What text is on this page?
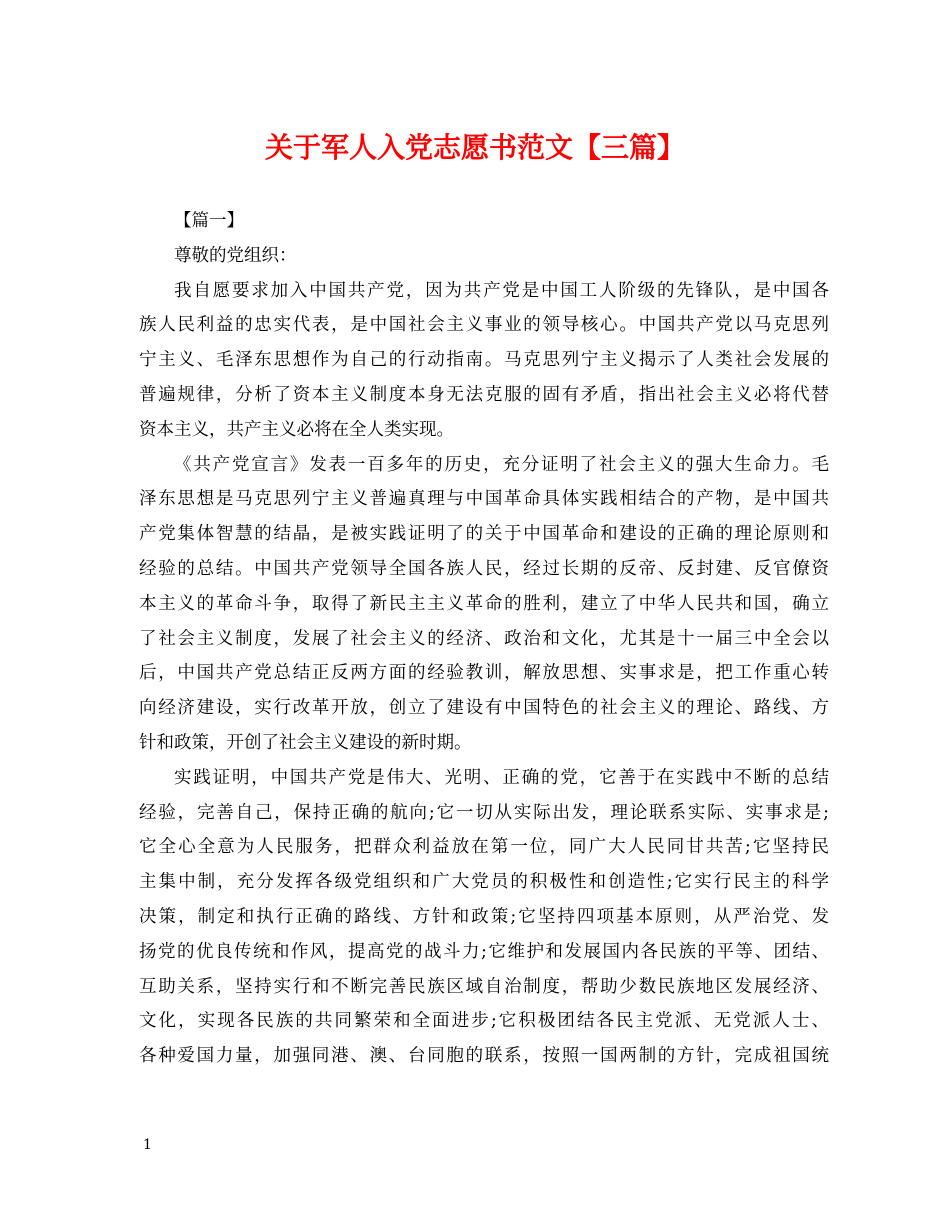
关于军人入党志愿书范文【三篇】
【篇一】
尊敬的党组织：
我自愿要求加入中国共产党，因为共产党是中国工人阶级的先锋队，是中国各
族人民利益的忠实代表，是中国社会主义事业的领导核心。中国共产党以马克思列
宁主义、毛泽东思想作为自己的行动指南。马克思列宁主义揭示了人类社会发展的
普遍规律，分析了资本主义制度本身无法克服的固有矛盾，指出社会主义必将代替
资本主义，共产主义必将在全人类实现。
《共产党宣言》发表一百多年的历史，充分证明了社会主义的强大生命力。毛
泽东思想是马克思列宁主义普遍真理与中国革命具体实践相结合的产物，是中国共
产党集体智慧的结晶，是被实践证明了的关于中国革命和建设的正确的理论原则和
经验的总结。中国共产党领导全国各族人民，经过长期的反帝、反封建、反官僚资
本主义的革命斗争，取得了新民主主义革命的胜利，建立了中华人民共和国，确立
了社会主义制度，发展了社会主义的经济、政治和文化，尤其是十一届三中全会以
后，中国共产党总结正反两方面的经验教训，解放思想、实事求是，把工作重心转
向经济建设，实行改革开放，创立了建设有中国特色的社会主义的理论、路线、方
针和政策，开创了社会主义建设的新时期。
实践证明，中国共产党是伟大、光明、正确的党，它善于在实践中不断的总结
经验，完善自己，保持正确的航向;它一切从实际出发，理论联系实际、实事求是;
它全心全意为人民服务，把群众利益放在第一位，同广大人民同甘共苦;它坚持民
主集中制，充分发挥各级党组织和广大党员的积极性和创造性;它实行民主的科学
决策，制定和执行正确的路线、方针和政策;它坚持四项基本原则，从严治党、发
扬党的优良传统和作风，提高党的战斗力;它维护和发展国内各民族的平等、团结、
互助关系，坚持实行和不断完善民族区域自治制度，帮助少数民族地区发展经济、
文化，实现各民族的共同繁荣和全面进步;它积极团结各民主党派、无党派人士、
各种爱国力量，加强同港、澳、台同胞的联系，按照一国两制的方针，完成祖国统
1
